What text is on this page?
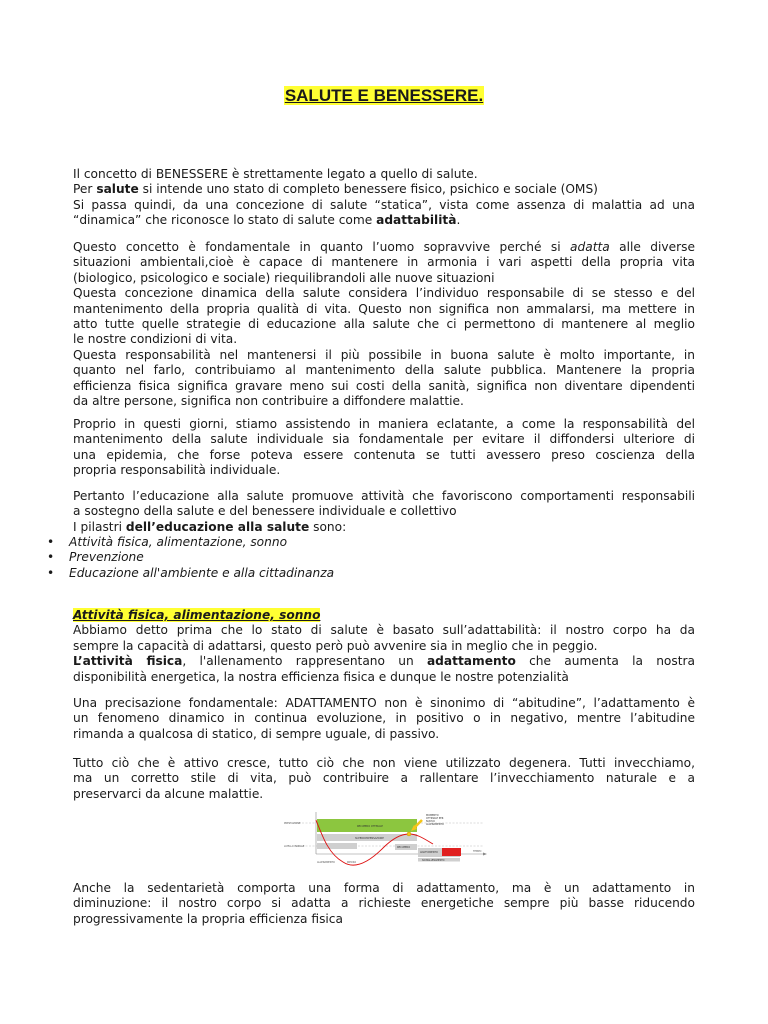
SALUTE E BENESSERE.
Il concetto di BENESSERE è strettamente legato a quello di salute.
Per salute si intende uno stato di completo benessere fisico, psichico e sociale (OMS)
Si passa quindi, da una concezione di salute “statica”, vista come assenza di malattia ad una
“dinamica” che riconosce lo stato di salute come adattabilità.
Questo concetto è fondamentale in quanto l’uomo sopravvive perché si adatta alle diverse
situazioni ambientali,cioè è capace di mantenere in armonia i vari aspetti della propria vita
(biologico, psicologico e sociale) riequilibrandoli alle nuove situazioni
Questa concezione dinamica della salute considera l’individuo responsabile di se stesso e del
mantenimento della propria qualità di vita. Questo non significa non ammalarsi, ma mettere in
atto tutte quelle strategie di educazione alla salute che ci permettono di mantenere al meglio
le nostre condizioni di vita.
Questa responsabilità nel mantenersi il più possibile in buona salute è molto importante, in
quanto nel farlo, contribuiamo al mantenimento della salute pubblica. Mantenere la propria
efficienza fisica significa gravare meno sui costi della sanità, significa non diventare dipendenti
da altre persone, significa non contribuire a diffondere malattie.
Proprio in questi giorni, stiamo assistendo in maniera eclatante, a come la responsabilità del
mantenimento della salute individuale sia fondamentale per evitare il diffondersi ulteriore di
una epidemia, che forse poteva essere contenuta se tutti avessero preso coscienza della
propria responsabilità individuale.
Pertanto l’educazione alla salute promuove attività che favoriscono comportamenti responsabili
a sostegno della salute e del benessere individuale e collettivo
I pilastri dell’educazione alla salute sono:
• Attività fisica, alimentazione, sonno
• Prevenzione
• Educazione all'ambiente e alla cittadinanza
Attività fisica, alimentazione, sonno
Abbiamo detto prima che lo stato di salute è basato sull’adattabilità: il nostro corpo ha da
sempre la capacità di adattarsi, questo però può avvenire sia in meglio che in peggio.
L’attività fisica, l'allenamento rappresentano un adattamento che aumenta la nostra
disponibilità energetica, la nostra efficienza fisica e dunque le nostre potenzialità
Una precisazione fondamentale: ADATTAMENTO non è sinonimo di “abitudine”, l’adattamento è
un fenomeno dinamico in continua evoluzione, in positivo o in negativo, mentre l’abitudine
rimanda a qualcosa di statico, di sempre uguale, di passivo.
Tutto ciò che è attivo cresce, tutto ciò che non viene utilizzato degenera. Tutti invecchiamo,
ma un corretto stile di vita, può contribuire a rallentare l’invecchiamento naturale e a
preservarci da alcune malattie.
PRESTAZIONE
LIVELLO INIZIALE
ALLENAMENTO	RIPOSO
TEMPO
RECUPERO OTTIMALE
SUPERCOMPENSAZIONE
RECUPERO
ADATTAMENTO
SOVRALLENAMENTO
MOMENTO
OTTIMALE PER
NUOVO
ALLENAMENTO
Anche la sedentarietà comporta una forma di adattamento, ma è un adattamento in
diminuzione: il nostro corpo si adatta a richieste energetiche sempre più basse riducendo
progressivamente la propria efficienza fisica
